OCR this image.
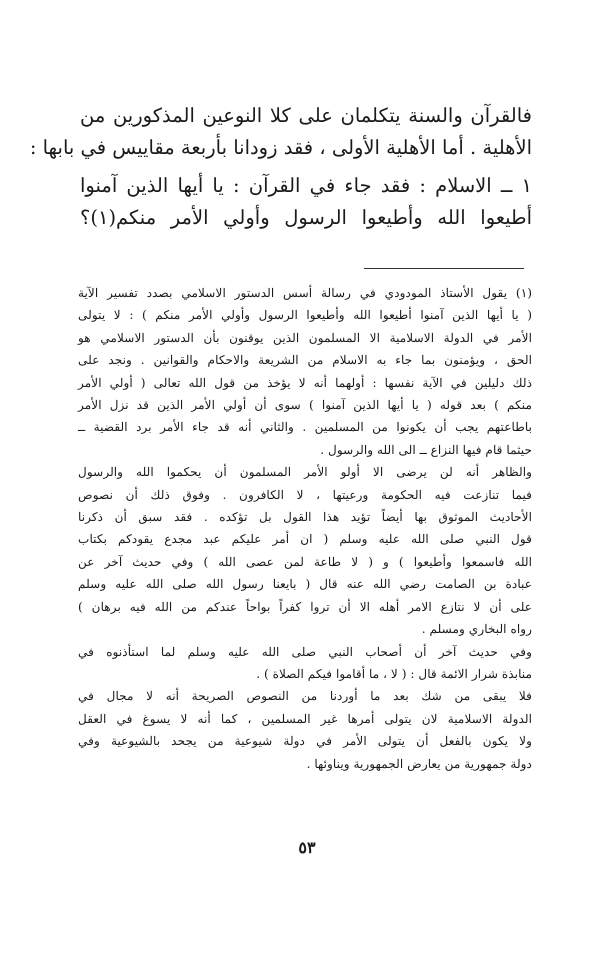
فالقرآن والسنة يتكلمان على كلا النوعين المذكورين من

الأهلية . أما الأهلية الأولى ، فقد زودانا بأربعة مقاييس في بابها :

١ ــ الاسلام : فقد جاء في القرآن : يا أيها الذين آمنوا

أطيعوا الله وأطيعوا الرسول وأولي الأمر منكم(١)؟

(١) يقول الأستاذ المودودي في رسالة أسس الدستور الاسلامي بصدد تفسير الآية

( يا أيها الذين آمنوا أطيعوا الله وأطيعوا الرسول وأولي الأمر منكم ) : لا يتولى

الأمر في الدولة الاسلامية الا المسلمون الذين يوقنون بأن الدستور الاسلامي هو

الحق ، ويؤمنون بما جاء به الاسلام من الشريعة والاحكام والقوانين . ونجد على

ذلك دليلين في الآية نفسها : أولهما أنه لا يؤخذ من قول الله تعالى ( أولي الأمر

منكم ) بعد قوله ( يا أيها الذين آمنوا ) سوى أن أولي الأمر الذين قد نزل الأمر

باطاعتهم يجب أن يكونوا من المسلمين . والثاني أنه قد جاء الأمر برد القضية ــ

حيثما قام فيها النزاع ــ الى الله والرسول .

والظاهر أنه لن يرضى الا أولو الأمر المسلمون أن يحكموا الله والرسول

فيما تنازعت فيه الحكومة ورعيتها ، لا الكافرون . وفوق ذلك أن نصوص

الأحاديث الموثوق بها أيضاً تؤيد هذا القول بل تؤكده . فقد سبق أن ذكرنا

قول النبي صلى الله عليه وسلم ( ان أمر عليكم عبد مجدع يقودكم بكتاب

الله فاسمعوا وأطيعوا ) و ( لا طاعة لمن عصى الله ) وفي حديث آخر عن

عبادة بن الصامت رضي الله عنه قال ( بايعنا رسول الله صلى الله عليه وسلم

على أن لا نتازع الامر أهله الا أن تروا كفراً بواحاً عندكم من الله فيه برهان )

رواه البخاري ومسلم .

وفي حديث آخر أن أصحاب النبي صلى الله عليه وسلم لما استأذنوه في

منابذة شرار الائمة قال : ( لا ، ما أقاموا فيكم الصلاة ) .

فلا يبقى من شك بعد ما أوردنا من النصوص الصريحة أنه لا مجال في

الدولة الاسلامية لان يتولى أمرها غير المسلمين ، كما أنه لا يسوغ في العقل

ولا يكون بالفعل أن يتولى الأمر في دولة شيوعية من يجحد بالشيوعية وفي

دولة جمهورية من يعارض الجمهورية ويناوئها .

٥٣
